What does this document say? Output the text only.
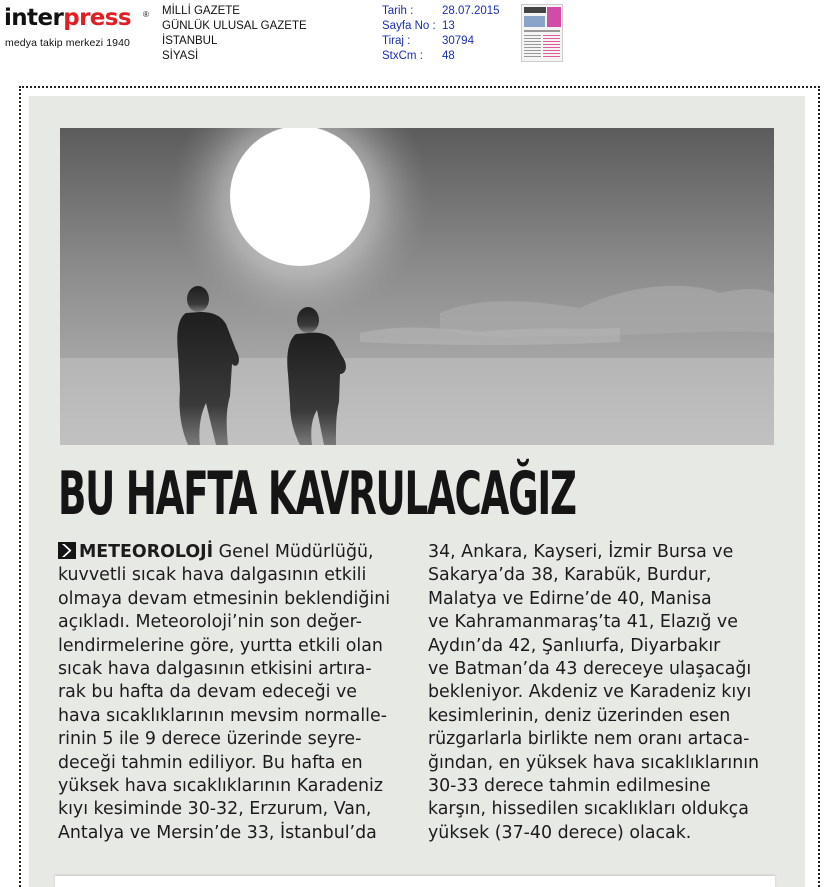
interpress ®
medya takip merkezi 1940
MİLLİ GAZETE
GÜNLÜK ULUSAL GAZETE
İSTANBUL
SİYASİ
Tarih :	28.07.2015
Sayfa No : 13
Tiraj :	30794
StxCm :	48
BU HAFTA KAVRULACAĞIZ
METEOROLOJİ Genel Müdürlüğü,
kuvvetli sıcak hava dalgasının etkili
olmaya devam etmesinin beklendiğini
açıkladı. Meteoroloji’nin son değer-
lendirmelerine göre, yurtta etkili olan
sıcak hava dalgasının etkisini artıra-
rak bu hafta da devam edeceği ve
hava sıcaklıklarının mevsim normalle-
rinin 5 ile 9 derece üzerinde seyre-
deceği tahmin ediliyor. Bu hafta en
yüksek hava sıcaklıklarının Karadeniz
kıyı kesiminde 30-32, Erzurum, Van,
Antalya ve Mersin’de 33, İstanbul’da
34, Ankara, Kayseri, İzmir Bursa ve
Sakarya’da 38, Karabük, Burdur,
Malatya ve Edirne’de 40, Manisa
ve Kahramanmaraş’ta 41, Elazığ ve
Aydın’da 42, Şanlıurfa, Diyarbakır
ve Batman’da 43 dereceye ulaşacağı
bekleniyor. Akdeniz ve Karadeniz kıyı
kesimlerinin, deniz üzerinden esen
rüzgarlarla birlikte nem oranı artaca-
ğından, en yüksek hava sıcaklıklarının
30-33 derece tahmin edilmesine
karşın, hissedilen sıcaklıkları oldukça
yüksek (37-40 derece) olacak.
